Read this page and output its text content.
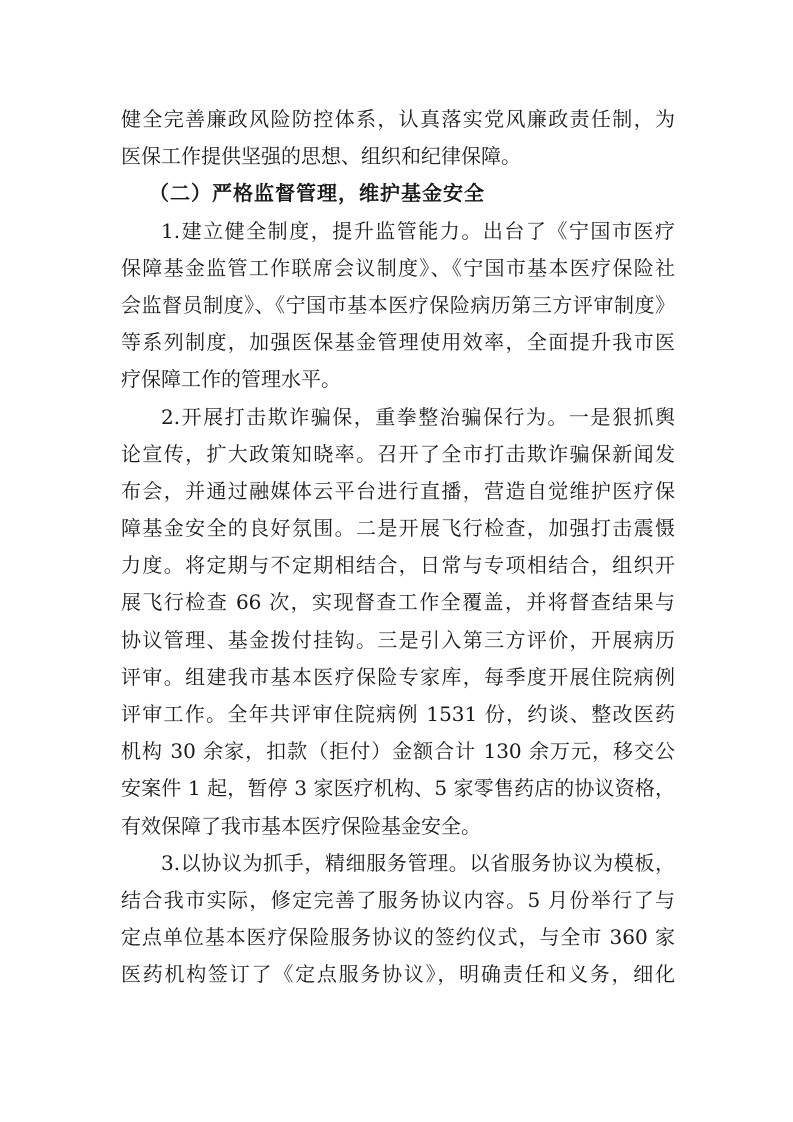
健全完善廉政风险防控体系，认真落实党风廉政责任制，为
医保工作提供坚强的思想、组织和纪律保障。
（二）严格监督管理，维护基金安全
1.建立健全制度，提升监管能力。出台了《宁国市医疗
保障基金监管工作联席会议制度》、《宁国市基本医疗保险社
会监督员制度》、《宁国市基本医疗保险病历第三方评审制度》
等系列制度，加强医保基金管理使用效率，全面提升我市医
疗保障工作的管理水平。
2.开展打击欺诈骗保，重拳整治骗保行为。一是狠抓舆
论宣传，扩大政策知晓率。召开了全市打击欺诈骗保新闻发
布会，并通过融媒体云平台进行直播，营造自觉维护医疗保
障基金安全的良好氛围。二是开展飞行检查，加强打击震慑
力度。将定期与不定期相结合，日常与专项相结合，组织开
展飞行检查 66 次，实现督查工作全覆盖，并将督查结果与
协议管理、基金拨付挂钩。三是引入第三方评价，开展病历
评审。组建我市基本医疗保险专家库，每季度开展住院病例
评审工作。全年共评审住院病例 1531 份，约谈、整改医药
机构 30 余家，扣款（拒付）金额合计 130 余万元，移交公
安案件 1 起，暂停 3 家医疗机构、5 家零售药店的协议资格，
有效保障了我市基本医疗保险基金安全。
3.以协议为抓手，精细服务管理。以省服务协议为模板，
结合我市实际，修定完善了服务协议内容。5 月份举行了与
定点单位基本医疗保险服务协议的签约仪式，与全市 360 家
医药机构签订了《定点服务协议》，明确责任和义务，细化
